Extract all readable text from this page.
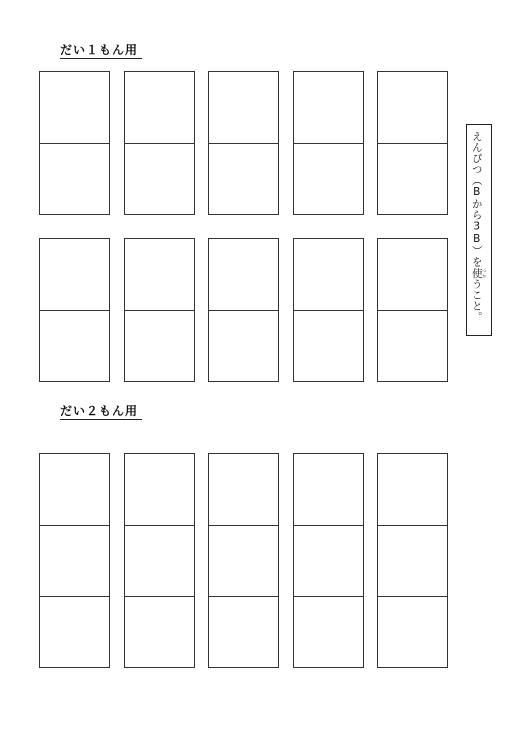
だい１もん用
だい２もん用
えんぴつ（Bから3B）を使 つかうこと。
